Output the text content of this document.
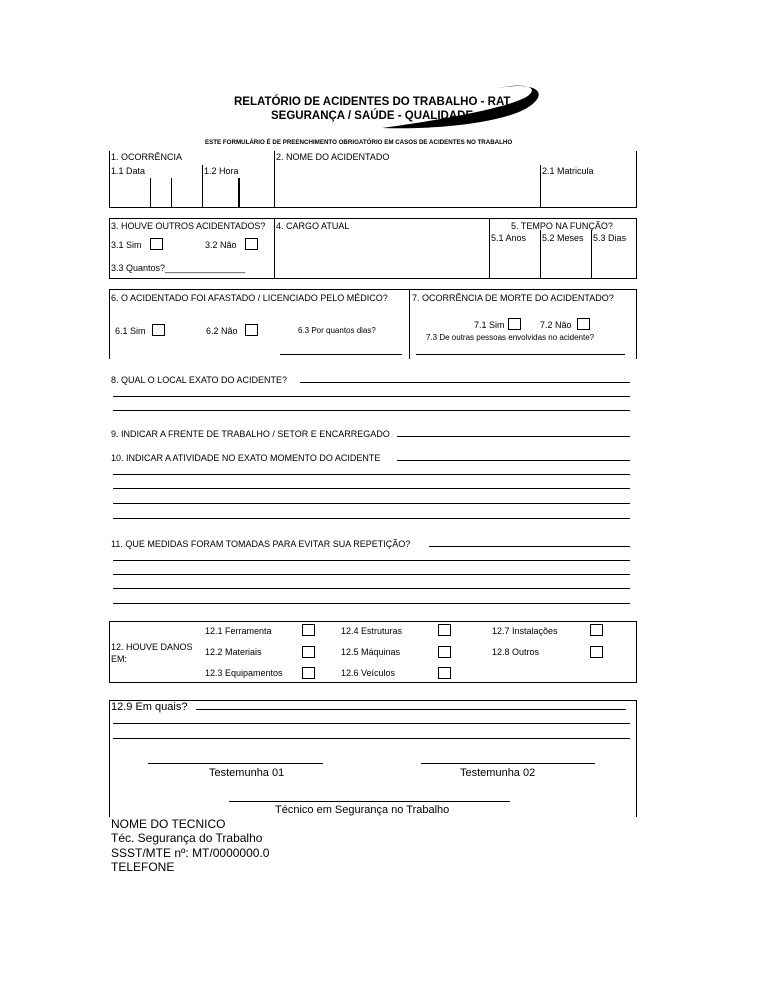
RELATÓRIO DE ACIDENTES DO TRABALHO - RAT
SEGURANÇA / SAÚDE - QUALIDADE
ESTE FORMULÁRIO É DE PREENCHIMENTO OBRIGATÓRIO EM CASOS DE ACIDENTES NO TRABALHO
1. OCORRÊNCIA
1.1 Data	1.2 Hora
2. NOME DO ACIDENTADO
2.1 Matricula
3. HOUVE OUTROS ACIDENTADOS?
3.1 Sim	3.2 Não
3.3 Quantos?________________
4. CARGO ATUAL	5. TEMPO NA FUNÇÃO?
5.1 Anos 5.2 Meses 5.3 Dias
6. O ACIDENTADO FOI AFASTADO / LICENCIADO PELO MÉDICO?
6.1 Sim	6.2 Não	6.3 Por quantos dias?
7. OCORRÊNCIA DE MORTE DO ACIDENTADO?
7.1 Sim	7.2 Não
7.3 De outras pessoas envolvidas no acidente?
8. QUAL O LOCAL EXATO DO ACIDENTE?
9. INDICAR A FRENTE DE TRABALHO / SETOR E ENCARREGADO
10. INDICAR A ATIVIDADE NO EXATO MOMENTO DO ACIDENTE
11. QUE MEDIDAS FORAM TOMADAS PARA EVITAR SUA REPETIÇÃO?
12. HOUVE DANOS EM:
12.1 Ferramenta
12.2 Materiais
12.3 Equipamentos
12.4 Estruturas
12.5 Máquinas
12.6 Veículos
12.7 Instalações
12.8 Outros
12.9 Em quais?
Testemunha 01	Testemunha 02
Técnico em Segurança no Trabalho
NOME DO TECNICO
Téc. Segurança do Trabalho
SSST/MTE nº: MT/0000000.0
TELEFONE
